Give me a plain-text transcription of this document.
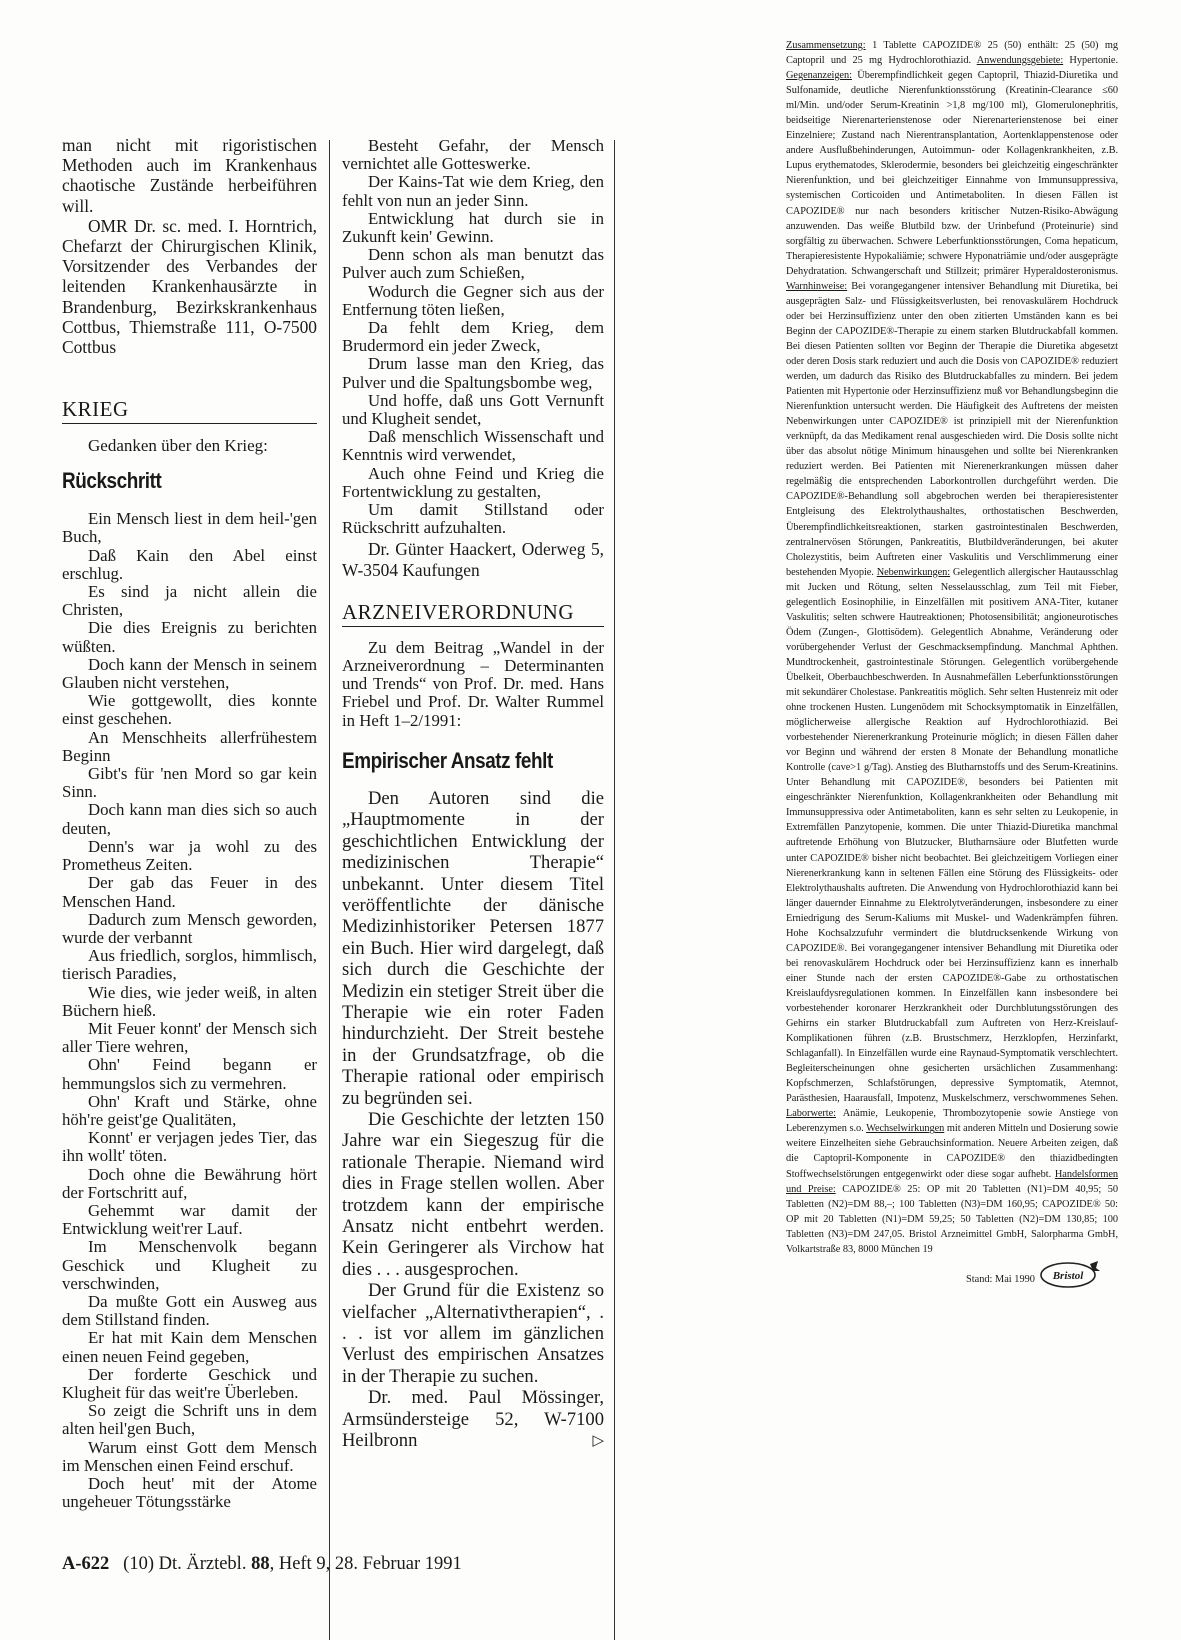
man nicht mit rigoristischen Methoden auch im Krankenhaus chaotische Zustände herbeiführen will.

OMR Dr. sc. med. I. Horntrich, Chefarzt der Chirurgischen Klinik, Vorsitzender des Verbandes der leitenden Krankenhausärzte in Brandenburg, Bezirkskrankenhaus Cottbus, Thiemstraße 111, O-7500 Cottbus

KRIEG
Gedanken über den Krieg:
Rückschritt

Ein Mensch liest in dem heil-'gen Buch,

Daß Kain den Abel einst erschlug.

Es sind ja nicht allein die Christen,

Die dies Ereignis zu berichten wüßten.

Doch kann der Mensch in seinem Glauben nicht verstehen,

Wie gottgewollt, dies konnte einst geschehen.

An Menschheits allerfrühestem Beginn

Gibt's für 'nen Mord so gar kein Sinn.

Doch kann man dies sich so auch deuten,

Denn's war ja wohl zu des Prometheus Zeiten.

Der gab das Feuer in des Menschen Hand.

Dadurch zum Mensch geworden, wurde der verbannt

Aus friedlich, sorglos, himmlisch, tierisch Paradies,

Wie dies, wie jeder weiß, in alten Büchern hieß.

Mit Feuer konnt' der Mensch sich aller Tiere wehren,

Ohn' Feind begann er hemmungslos sich zu vermehren.

Ohn' Kraft und Stärke, ohne höh're geist'ge Qualitäten,

Konnt' er verjagen jedes Tier, das ihn wollt' töten.

Doch ohne die Bewährung hört der Fortschritt auf,

Gehemmt war damit der Entwicklung weit'rer Lauf.

Im Menschenvolk begann Geschick und Klugheit zu verschwinden,

Da mußte Gott ein Ausweg aus dem Stillstand finden.

Er hat mit Kain dem Menschen einen neuen Feind gegeben,

Der forderte Geschick und Klugheit für das weit're Überleben.

So zeigt die Schrift uns in dem alten heil'gen Buch,

Warum einst Gott dem Mensch im Menschen einen Feind erschuf.

Doch heut' mit der Atome ungeheuer Tötungsstärke

Besteht Gefahr, der Mensch vernichtet alle Gotteswerke.

Der Kains-Tat wie dem Krieg, den fehlt von nun an jeder Sinn.

Entwicklung hat durch sie in Zukunft kein' Gewinn.

Denn schon als man benutzt das Pulver auch zum Schießen,

Wodurch die Gegner sich aus der Entfernung töten ließen,

Da fehlt dem Krieg, dem Brudermord ein jeder Zweck,

Drum lasse man den Krieg, das Pulver und die Spaltungsbombe weg,

Und hoffe, daß uns Gott Vernunft und Klugheit sendet,

Daß menschlich Wissenschaft und Kenntnis wird verwendet,

Auch ohne Feind und Krieg die Fortentwicklung zu gestalten,

Um damit Stillstand oder Rückschritt aufzuhalten.

Dr. Günter Haackert, Oderweg 5, W-3504 Kaufungen

ARZNEIVERORDNUNG

Zu dem Beitrag „Wandel in der Arzneiverordnung – Determinanten und Trends“ von Prof. Dr. med. Hans Friebel und Prof. Dr. Walter Rummel in Heft 1–2/1991:

Empirischer Ansatz fehlt

Den Autoren sind die „Hauptmomente in der geschichtlichen Entwicklung der medizinischen Therapie“ unbekannt. Unter diesem Titel veröffentlichte der dänische Medizinhistoriker Petersen 1877 ein Buch. Hier wird dargelegt, daß sich durch die Geschichte der Medizin ein stetiger Streit über die Therapie wie ein roter Faden hindurchzieht. Der Streit bestehe in der Grundsatzfrage, ob die Therapie rational oder empirisch zu begründen sei.

Die Geschichte der letzten 150 Jahre war ein Siegeszug für die rationale Therapie. Niemand wird dies in Frage stellen wollen. Aber trotzdem kann der empirische Ansatz nicht entbehrt werden. Kein Geringerer als Virchow hat dies . . . ausgesprochen.

Der Grund für die Existenz so vielfacher „Alternativtherapien“, . . . ist vor allem im gänzlichen Verlust des empirischen Ansatzes in der Therapie zu suchen.

Dr. med. Paul Mössinger, Armsündersteige 52, W-7100 Heilbronn	▷

Zusammensetzung: 1 Tablette CAPOZIDE® 25 (50) enthält: 25 (50) mg Captopril und 25 mg Hydrochlorothiazid. Anwendungsgebiete: Hypertonie. Gegenanzeigen: Überempfindlichkeit gegen Captopril, Thiazid-Diuretika und Sulfonamide, deutliche Nierenfunktionsstörung (Kreatinin-Clearance ≤60 ml/Min. und/oder Serum-Kreatinin >1,8 mg/100 ml), Glomerulonephritis, beidseitige Nierenarterienstenose oder Nierenarterienstenose bei einer Einzelniere; Zustand nach Nierentransplantation, Aortenklappenstenose oder andere Ausflußbehinderungen, Autoimmun- oder Kollagenkrankheiten, z.B. Lupus erythematodes, Sklerodermie, besonders bei gleichzeitig eingeschränkter Nierenfunktion, und bei gleichzeitiger Einnahme von Immunsuppressiva, systemischen Corticoiden und Antimetaboliten. In diesen Fällen ist CAPOZIDE® nur nach besonders kritischer Nutzen-Risiko-Abwägung anzuwenden. Das weiße Blutbild bzw. der Urinbefund (Proteinurie) sind sorgfältig zu überwachen. Schwere Leberfunktionsstörungen, Coma hepaticum, Therapieresistente Hypokaliämie; schwere Hyponatriämie und/oder ausgeprägte Dehydratation. Schwangerschaft und Stillzeit; primärer Hyperaldosteronismus. Warnhinweise: Bei vorangegangener intensiver Behandlung mit Diuretika, bei ausgeprägten Salz- und Flüssigkeitsverlusten, bei renovaskulärem Hochdruck oder bei Herzinsuffizienz unter den oben zitierten Umständen kann es bei Beginn der CAPOZIDE®-Therapie zu einem starken Blutdruckabfall kommen. Bei diesen Patienten sollten vor Beginn der Therapie die Diuretika abgesetzt oder deren Dosis stark reduziert und auch die Dosis von CAPOZIDE® reduziert werden, um dadurch das Risiko des Blutdruckabfalles zu mindern. Bei jedem Patienten mit Hypertonie oder Herzinsuffizienz muß vor Behandlungsbeginn die Nierenfunktion untersucht werden. Die Häufigkeit des Auftretens der meisten Nebenwirkungen unter CAPOZIDE® ist prinzipiell mit der Nierenfunktion verknüpft, da das Medikament renal ausgeschieden wird. Die Dosis sollte nicht über das absolut nötige Minimum hinausgehen und sollte bei Nierenkranken reduziert werden. Bei Patienten mit Nierenerkrankungen müssen daher regelmäßig die entsprechenden Laborkontrollen durchgeführt werden. Die CAPOZIDE®-Behandlung soll abgebrochen werden bei therapieresistenter Entgleisung des Elektrolythaushaltes, orthostatischen Beschwerden, Überempfindlichkeitsreaktionen, starken gastrointestinalen Beschwerden, zentralnervösen Störungen, Pankreatitis, Blutbildveränderungen, bei akuter Cholezystitis, beim Auftreten einer Vaskulitis und Verschlimmerung einer bestehenden Myopie. Nebenwirkungen: Gelegentlich allergischer Hautausschlag mit Jucken und Rötung, selten Nesselausschlag, zum Teil mit Fieber, gelegentlich Eosinophilie, in Einzelfällen mit positivem ANA-Titer, kutaner Vaskulitis; selten schwere Hautreaktionen; Photosensibilität; angioneurotisches Ödem (Zungen-, Glottisödem). Gelegentlich Abnahme, Veränderung oder vorübergehender Verlust der Geschmacksempfindung. Manchmal Aphthen. Mundtrockenheit, gastrointestinale Störungen. Gelegentlich vorübergehende Übelkeit, Oberbauchbeschwerden. In Ausnahmefällen Leberfunktionsstörungen mit sekundärer Cholestase. Pankreatitis möglich. Sehr selten Hustenreiz mit oder ohne trockenen Husten. Lungenödem mit Schocksymptomatik in Einzelfällen, möglicherweise allergische Reaktion auf Hydrochlorothiazid. Bei vorbestehender Nierenerkrankung Proteinurie möglich; in diesen Fällen daher vor Beginn und während der ersten 8 Monate der Behandlung monatliche Kontrolle (cave>1 g/Tag). Anstieg des Blutharnstoffs und des Serum-Kreatinins. Unter Behandlung mit CAPOZIDE®, besonders bei Patienten mit eingeschränkter Nierenfunktion, Kollagenkrankheiten oder Behandlung mit Immunsuppressiva oder Antimetaboliten, kann es sehr selten zu Leukopenie, in Extremfällen Panzytopenie, kommen. Die unter Thiazid-Diuretika manchmal auftretende Erhöhung von Blutzucker, Blutharnsäure oder Blutfetten wurde unter CAPOZIDE® bisher nicht beobachtet. Bei gleichzeitigem Vorliegen einer Nierenerkrankung kann in seltenen Fällen eine Störung des Flüssigkeits- oder Elektrolythaushalts auftreten. Die Anwendung von Hydrochlorothiazid kann bei länger dauernder Einnahme zu Elektrolytveränderungen, insbesondere zu einer Erniedrigung des Serum-Kaliums mit Muskel- und Wadenkrämpfen führen. Hohe Kochsalzzufuhr vermindert die blutdrucksenkende Wirkung von CAPOZIDE®. Bei vorangegangener intensiver Behandlung mit Diuretika oder bei renovaskulärem Hochdruck oder bei Herzinsuffizienz kann es innerhalb einer Stunde nach der ersten CAPOZIDE®-Gabe zu orthostatischen Kreislaufdysregulationen kommen. In Einzelfällen kann insbesondere bei vorbestehender koronarer Herzkrankheit oder Durchblutungsstörungen des Gehirns ein starker Blutdruckabfall zum Auftreten von Herz-Kreislauf-Komplikationen führen (z.B. Brustschmerz, Herzklopfen, Herzinfarkt, Schlaganfall). In Einzelfällen wurde eine Raynaud-Symptomatik verschlechtert. Begleiterscheinungen ohne gesicherten ursächlichen Zusammenhang: Kopfschmerzen, Schlafstörungen, depressive Symptomatik, Atemnot, Parästhesien, Haarausfall, Impotenz, Muskelschmerz, verschwommenes Sehen. Laborwerte: Anämie, Leukopenie, Thrombozytopenie sowie Anstiege von Leberenzymen s.o. Wechselwirkungen mit anderen Mitteln und Dosierung sowie weitere Einzelheiten siehe Gebrauchsinformation. Neuere Arbeiten zeigen, daß die Captopril-Komponente in CAPOZIDE® den thiazidbedingten Stoffwechselstörungen entgegenwirkt oder diese sogar aufhebt. Handelsformen und Preise: CAPOZIDE® 25: OP mit 20 Tabletten (N1)=DM 40,95; 50 Tabletten (N2)=DM 88,–; 100 Tabletten (N3)=DM 160,95; CAPOZIDE® 50: OP mit 20 Tabletten (N1)=DM 59,25; 50 Tabletten (N2)=DM 130,85; 100 Tabletten (N3)=DM 247,05. Bristol Arzneimittel GmbH, Salorpharma GmbH, Volkartstraße 83, 8000 München 19

Stand: Mai 1990 Bristol
A-622 (10) Dt. Ärztebl. 88, Heft 9, 28. Februar 1991
